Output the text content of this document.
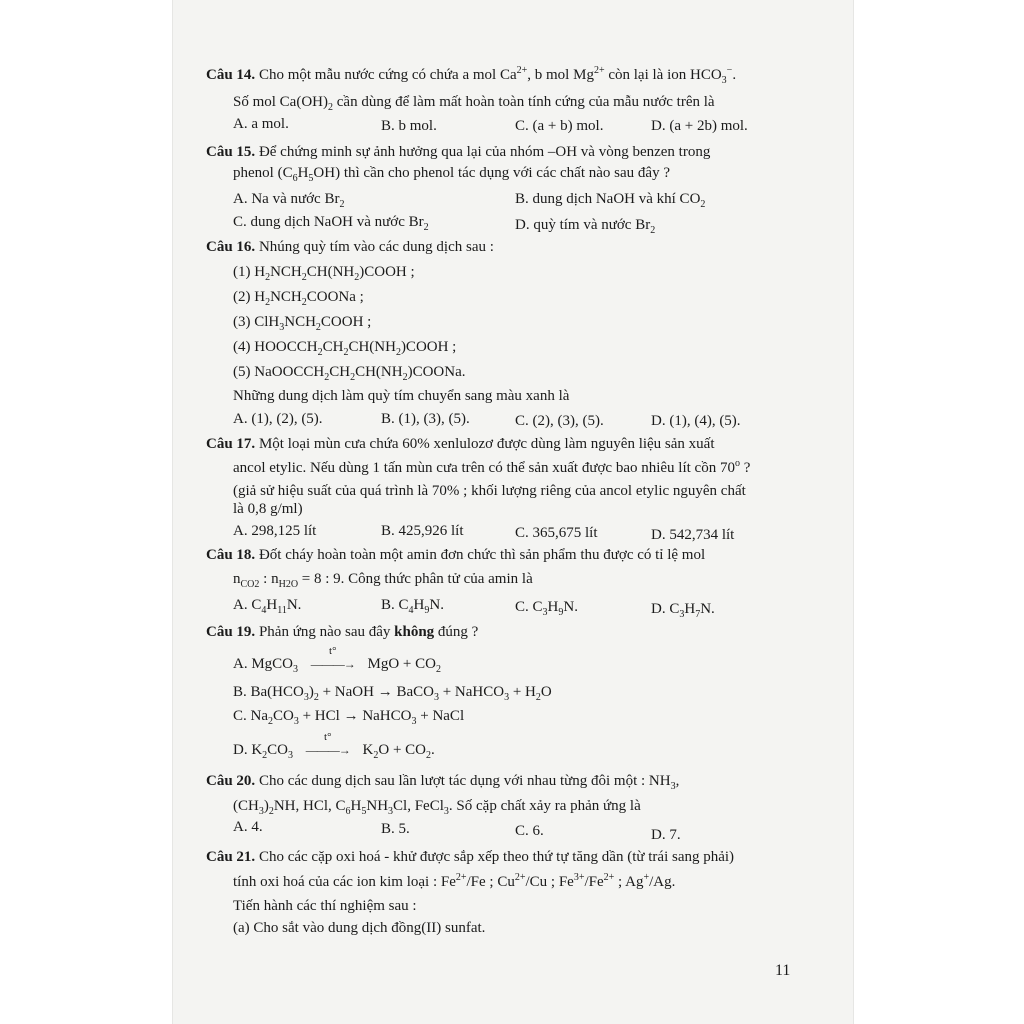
Câu 14. Cho một mẫu nước cứng có chứa a mol $Ca^{2+}$, b mol $Mg^{2+}$ còn lại là ion $HCO_3^-$.
Số mol $Ca(OH)_2$ cần dùng để làm mất hoàn toàn tính cứng của mẫu nước trên là
A. a mol.	B. b mol.	C. (a + b) mol.	D. (a + 2b) mol.
Câu 15. Để chứng minh sự ảnh hưởng qua lại của nhóm –OH và vòng benzen trong
phenol $(C_6H_5OH)$ thì cần cho phenol tác dụng với các chất nào sau đây ?
A. Na và nước $Br_2$	B. dung dịch NaOH và khí $CO_2$
C. dung dịch NaOH và nước $Br_2$	D. quỳ tím và nước $Br_2$
Câu 16. Nhúng quỳ tím vào các dung dịch sau :
(1) $H_2NCH_2CH(NH_2)COOH$ ;
(2) $H_2NCH_2COONa$ ;
(3) $ClH_3NCH_2COOH$ ;
(4) $HOOCCH_2CH_2CH(NH_2)COOH$ ;
(5) $NaOOCCH_2CH_2CH(NH_2)COONa$.
Những dung dịch làm quỳ tím chuyển sang màu xanh là
A. (1), (2), (5).	B. (1), (3), (5).	C. (2), (3), (5).	D. (1), (4), (5).
Câu 17. Một loại mùn cưa chứa 60% xenlulozơ được dùng làm nguyên liệu sản xuất
ancol etylic. Nếu dùng 1 tấn mùn cưa trên có thể sản xuất được bao nhiêu lít cồn 70$^o$ ?
(giả sử hiệu suất của quá trình là 70% ; khối lượng riêng của ancol etylic nguyên chất
là 0,8 g/ml)
A. 298,125 lít	B. 425,926 lít	C. 365,675 lít	D. 542,734 lít
Câu 18. Đốt cháy hoàn toàn một amin đơn chức thì sản phẩm thu được có tỉ lệ mol
$n_{CO2}$ : $n_{H2O} = 8$ : 9. Công thức phân tử của amin là
A. $C_4H_{11}N$.	B. $C_4H_9N$.	C. $C_3H_9N$.	D. $C_3H_7N$.
Câu 19. Phản ứng nào sau đây không đúng ?
A. MgCO$_3$
t°
———→ MgO + $CO_2$
B. $Ba(HCO_3)_2$ + NaOH → BaCO$_3$ + NaHCO$_3$ + $H_2O$
C. $Na_2CO_3$ + HCl → NaHCO$_3$ + NaCl
D. $K_2CO_3$
t°
———→ $K_2O + CO_2$.
Câu 20. Cho các dung dịch sau lần lượt tác dụng với nhau từng đôi một : $NH_3$,
$(CH_3)_2NH$, HCl, $C_6H_5NH_3Cl$, FeCl$_3$. Số cặp chất xảy ra phản ứng là
A. 4.	B. 5.	C. 6.	D. 7.
Câu 21. Cho các cặp oxi hoá - khử được sắp xếp theo thứ tự tăng dần (từ trái sang phải)
tính oxi hoá của các ion kim loại : $Fe^{2+}/Fe$ ; $Cu^{2+}/Cu$ ; $Fe^{3+}/Fe^{2+}$ ; Ag+/Ag.
Tiến hành các thí nghiệm sau :
(a) Cho sắt vào dung dịch đồng(II) sunfat.
11
